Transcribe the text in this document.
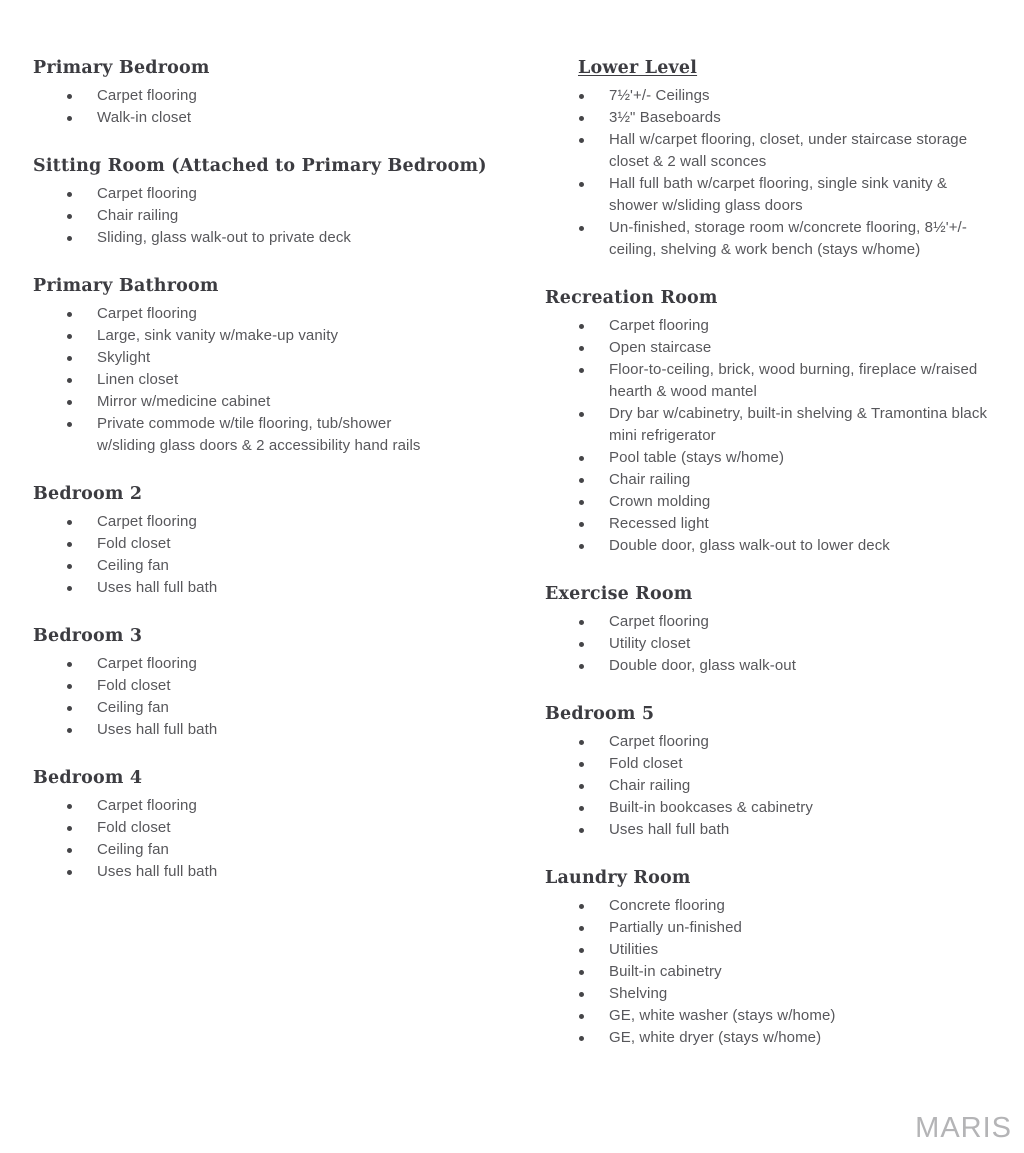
Primary Bedroom
Carpet flooring
Walk-in closet
Sitting Room (Attached to Primary Bedroom)
Carpet flooring
Chair railing
Sliding, glass walk-out to private deck
Primary Bathroom
Carpet flooring
Large, sink vanity w/make-up vanity
Skylight
Linen closet
Mirror w/medicine cabinet
Private commode w/tile flooring, tub/shower w/sliding glass doors & 2 accessibility hand rails
Bedroom 2
Carpet flooring
Fold closet
Ceiling fan
Uses hall full bath
Bedroom 3
Carpet flooring
Fold closet
Ceiling fan
Uses hall full bath
Bedroom 4
Carpet flooring
Fold closet
Ceiling fan
Uses hall full bath
Lower Level
7½'+/- Ceilings
3½" Baseboards
Hall w/carpet flooring, closet, under staircase storage closet & 2 wall sconces
Hall full bath w/carpet flooring, single sink vanity & shower w/sliding glass doors
Un-finished, storage room w/concrete flooring, 8½'+/- ceiling, shelving & work bench (stays w/home)
Recreation Room
Carpet flooring
Open staircase
Floor-to-ceiling, brick, wood burning, fireplace w/raised hearth & wood mantel
Dry bar w/cabinetry, built-in shelving & Tramontina black mini refrigerator
Pool table (stays w/home)
Chair railing
Crown molding
Recessed light
Double door, glass walk-out to lower deck
Exercise Room
Carpet flooring
Utility closet
Double door, glass walk-out
Bedroom 5
Carpet flooring
Fold closet
Chair railing
Built-in bookcases & cabinetry
Uses hall full bath
Laundry Room
Concrete flooring
Partially un-finished
Utilities
Built-in cabinetry
Shelving
GE, white washer (stays w/home)
GE, white dryer (stays w/home)
MARIS
